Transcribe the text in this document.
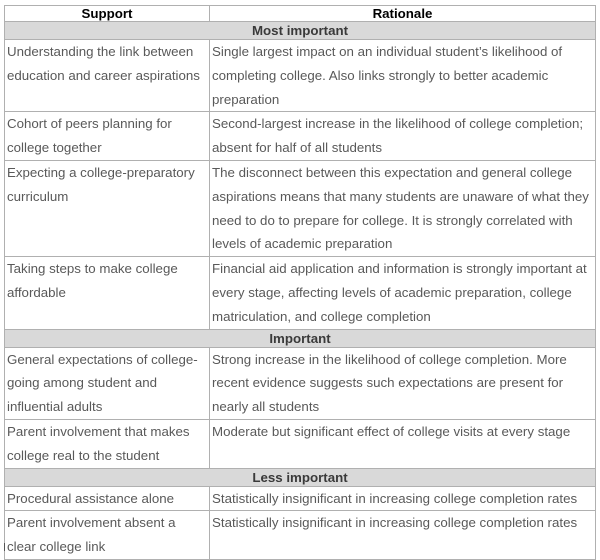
Support	Rationale
Most important	
Understanding the link between education and career aspirations	Single largest impact on an individual student’s likelihood of completing college. Also links strongly to better academic preparation
Cohort of peers planning for college together	Second-largest increase in the likelihood of college completion; absent for half of all students
Expecting a college-preparatory curriculum	The disconnect between this expectation and general college aspirations means that many students are unaware of what they need to do to prepare for college. It is strongly correlated with levels of academic preparation
Taking steps to make college affordable	Financial aid application and information is strongly important at every stage, affecting levels of academic preparation, college matriculation, and college completion
Important	
General expectations of college-going among student and influential adults	Strong increase in the likelihood of college completion. More recent evidence suggests such expectations are present for nearly all students
Parent involvement that makes college real to the student	Moderate but significant effect of college visits at every stage
Less important	
Procedural assistance alone	Statistically insignificant in increasing college completion rates
Parent involvement absent a clear college link	Statistically insignificant in increasing college completion rates
